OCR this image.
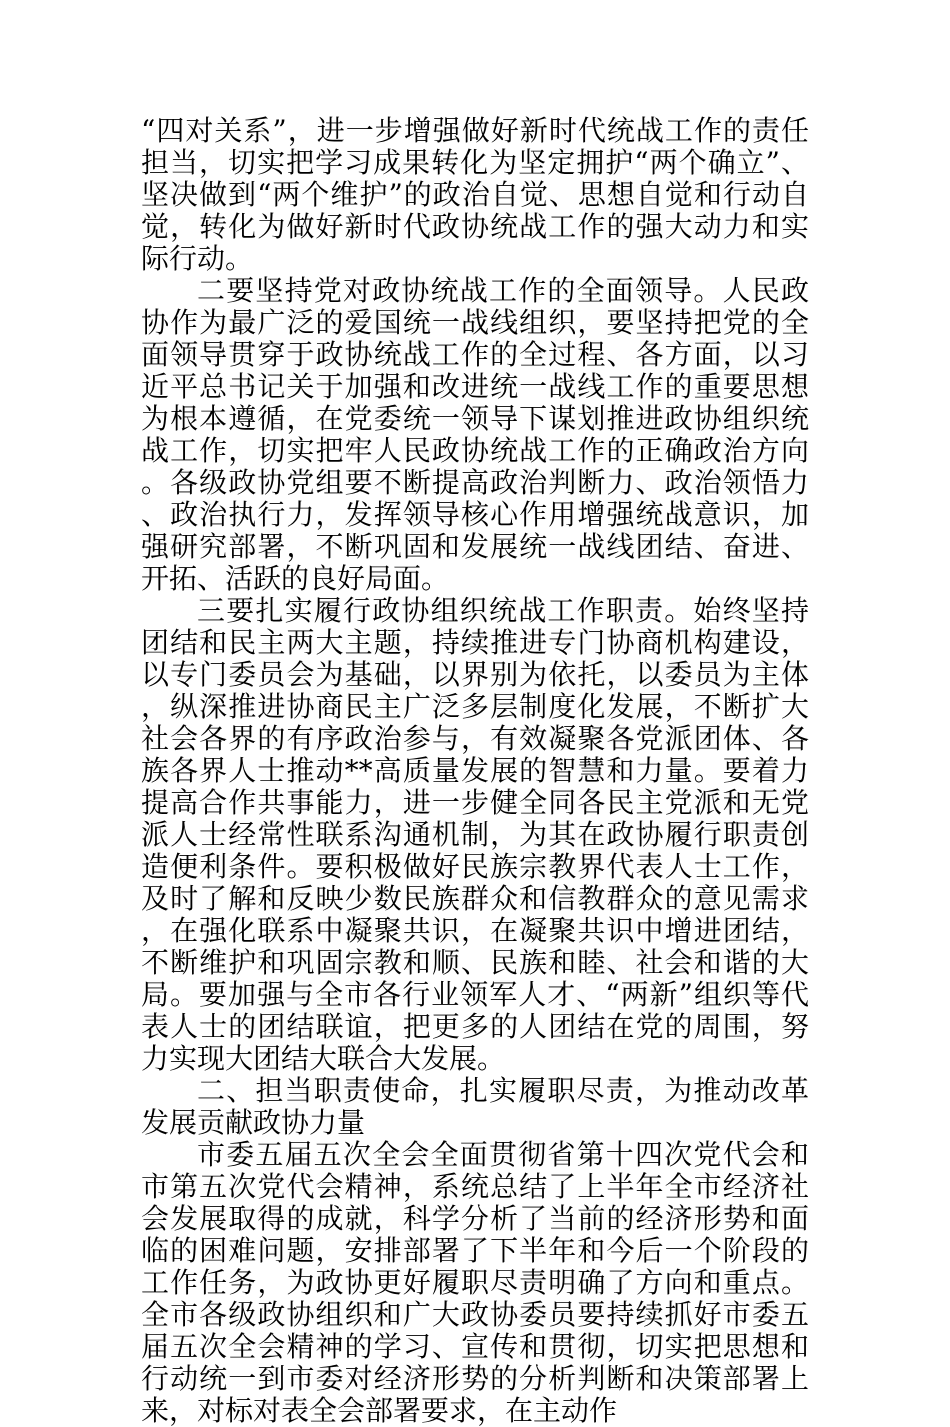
“四对关系”，进一步增强做好新时代统战工作的责任担当，切实把学习成果转化为坚定拥护“两个确立”、坚决做到“两个维护”的政治自觉、思想自觉和行动自觉，转化为做好新时代政协统战工作的强大动力和实际行动。

二要坚持党对政协统战工作的全面领导。人民政协作为最广泛的爱国统一战线组织，要坚持把党的全面领导贯穿于政协统战工作的全过程、各方面，以习近平总书记关于加强和改进统一战线工作的重要思想为根本遵循，在党委统一领导下谋划推进政协组织统战工作，切实把牢人民政协统战工作的正确政治方向。各级政协党组要不断提高政治判断力、政治领悟力、政治执行力，发挥领导核心作用增强统战意识，加强研究部署，不断巩固和发展统一战线团结、奋进、开拓、活跃的良好局面。

三要扎实履行政协组织统战工作职责。始终坚持团结和民主两大主题，持续推进专门协商机构建设，以专门委员会为基础，以界别为依托，以委员为主体，纵深推进协商民主广泛多层制度化发展，不断扩大社会各界的有序政治参与，有效凝聚各党派团体、各族各界人士推动**高质量发展的智慧和力量。要着力提高合作共事能力，进一步健全同各民主党派和无党派人士经常性联系沟通机制，为其在政协履行职责创造便利条件。要积极做好民族宗教界代表人士工作，及时了解和反映少数民族群众和信教群众的意见需求，在强化联系中凝聚共识，在凝聚共识中增进团结，不断维护和巩固宗教和顺、民族和睦、社会和谐的大局。要加强与全市各行业领军人才、“两新”组织等代表人士的团结联谊，把更多的人团结在党的周围，努力实现大团结大联合大发展。

二、担当职责使命，扎实履职尽责，为推动改革发展贡献政协力量

市委五届五次全会全面贯彻省第十四次党代会和市第五次党代会精神，系统总结了上半年全市经济社会发展取得的成就，科学分析了当前的经济形势和面临的困难问题，安排部署了下半年和今后一个阶段的工作任务，为政协更好履职尽责明确了方向和重点。全市各级政协组织和广大政协委员要持续抓好市委五届五次全会精神的学习、宣传和贯彻，切实把思想和行动统一到市委对经济形势的分析判断和决策部署上来，对标对表全会部署要求，在主动作
